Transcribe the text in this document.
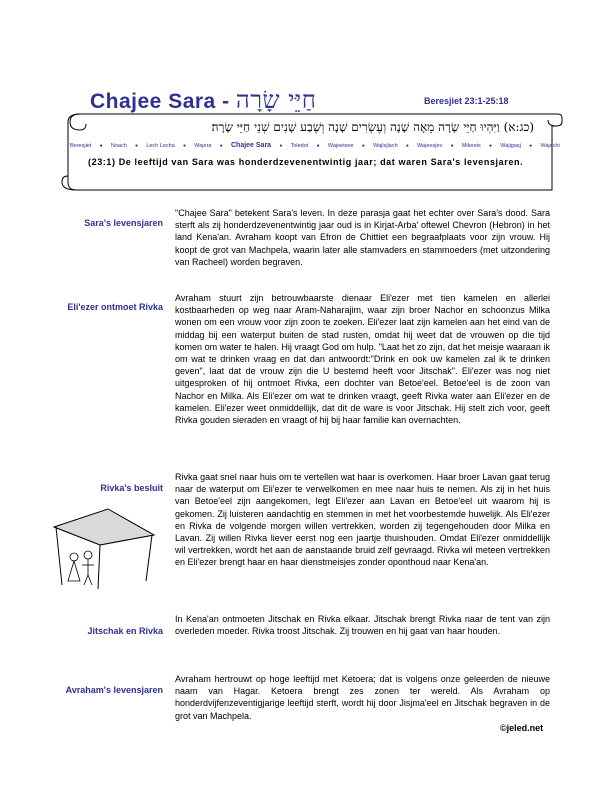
Chajee Sara - חַיֵּי שָׂרָה	Beresjiet 23:1-25:18
(כג:א) וַיִּהְיוּ חַיֵּי שָׂרָה מֵאָה שָׁנָה וְעֶשְׂרִים שָׁנָה וְשֶׁבַע שָׁנִים שְׁנֵי חַיֵּי שָׂרָה׃
Beresjiet ● Noach ● Lech Lecha ● Wajera ● Chajee Sara ● Toledot ● Wajeetsee ● Wajisjlach ● Wajeesjev ● Mikeets ● Wajigasj ● Wajechi
(23:1) De leeftijd van Sara was honderdzevenentwintig jaar; dat waren Sara's levensjaren.
Sara's levensjaren
"Chajee Sara" betekent Sara's leven. In deze parasja gaat het echter over Sara's dood. Sara sterft als zij honderdzevenentwintig jaar oud is in Kirjat-Arba' oftewel Chevron (Hebron) in het land Kena'an. Avraham koopt van Efron de Chittiet een begraafplaats voor zijn vrouw. Hij koopt de grot van Machpela, waarin later alle stamvaders en stammoeders (met uitzondering van Racheel) worden begraven.
Eli'ezer ontmoet Rivka
Avraham stuurt zijn betrouwbaarste dienaar Eli'ezer met tien kamelen en allerlei kostbaarheden op weg naar Aram-Naharajim, waar zijn broer Nachor en schoonzus Milka wonen om een vrouw voor zijn zoon te zoeken. Eli'ezer laat zijn kamelen aan het eind van de middag bij een waterput buiten de stad rusten, omdat hij weet dat de vrouwen op die tijd komen om water te halen. Hij vraagt God om hulp. "Laat het zo zijn, dat het meisje waaraan ik om wat te drinken vraag en dat dan antwoordt:"Drink en ook uw kamelen zal ik te drinken geven", laat dat de vrouw zijn die U bestemd heeft voor Jitschak". Eli'ezer was nog niet uitgesproken of hij ontmoet Rivka, een dochter van Betoe'eel. Betoe'eel is de zoon van Nachor en Milka. Als Eli'ezer om wat te drinken vraagt, geeft Rivka water aan Eli'ezer en de kamelen. Eli'ezer weet onmiddellijk, dat dit de ware is voor Jitschak. Hij stelt zich voor, geeft Rivka gouden sieraden en vraagt of hij bij haar familie kan overnachten.
Rivka's besluit
Rivka gaat snel naar huis om te vertellen wat haar is overkomen. Haar broer Lavan gaat terug naar de waterput om Eli'ezer te verwelkomen en mee naar huis te nemen. Als zij in het huis van Betoe'eel zijn aangekomen, legt Eli'ezer aan Lavan en Betoe'eel uit waarom hij is gekomen. Zij luisteren aandachtig en stemmen in met het voorbestemde huwelijk. Als Eli'ezer en Rivka de volgende morgen willen vertrekken, worden zij tegengehouden door Milka en Lavan. Zij willen Rivka liever eerst nog een jaartje thuishouden. Omdat Eli'ezer onmiddellijk wil vertrekken, wordt het aan de aanstaande bruid zelf gevraagd. Rivka wil meteen vertrekken en Eli'ezer brengt haar en haar dienstmeisjes zonder oponthoud naar Kena'an.
Jitschak en Rivka
In Kena'an ontmoeten Jitschak en Rivka elkaar. Jitschak brengt Rivka naar de tent van zijn overleden moeder. Rivka troost Jitschak. Zij trouwen en hij gaat van haar houden.
Avraham's levensjaren
Avraham hertrouwt op hoge leeftijd met Ketoera; dat is volgens onze geleerden de nieuwe naam van Hagar. Ketoera brengt zes zonen ter wereld. Als Avraham op honderdvijfenzeventigjarige leeftijd sterft, wordt hij door Jisjma'eel en Jitschak begraven in de grot van Machpela.
©jeled.net
